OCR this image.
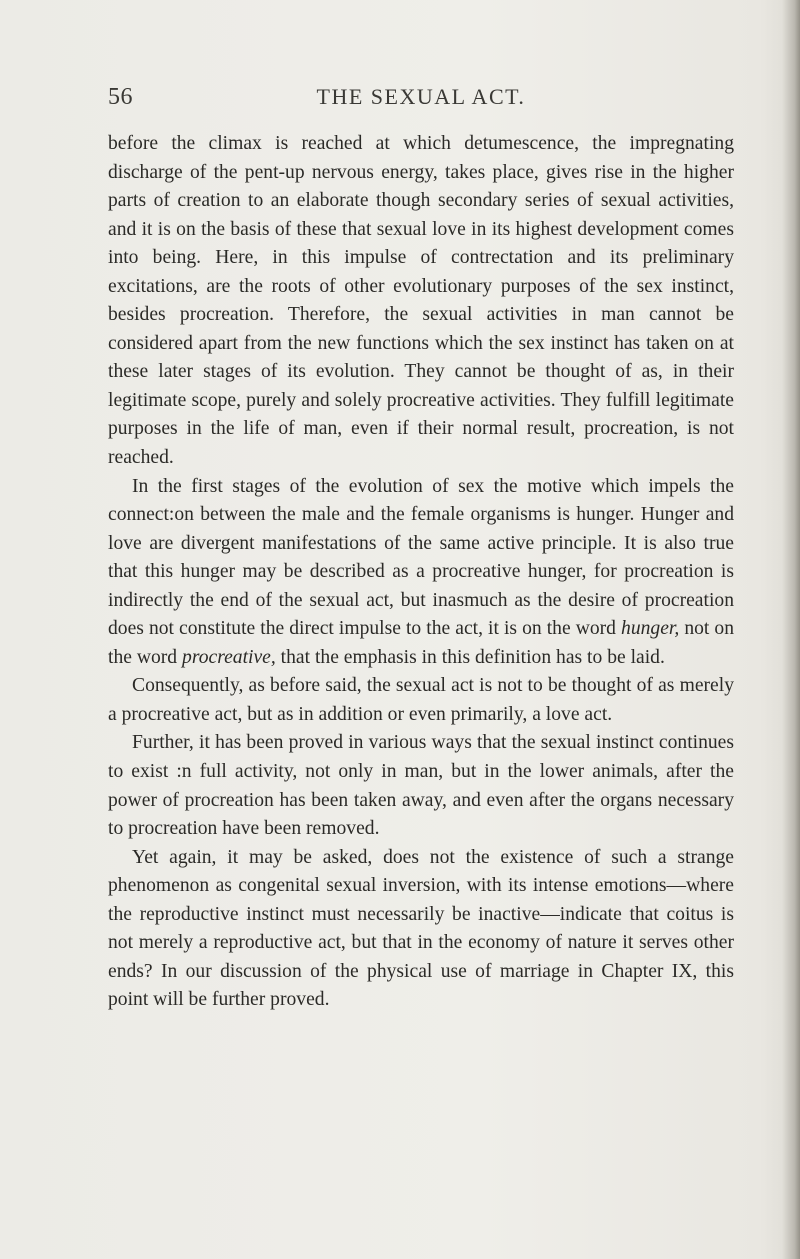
THE SEXUAL ACT.
56

before the climax is reached at which detumescence, the impregnating discharge of the pent-up nervous energy, takes place, gives rise in the higher parts of creation to an elaborate though secondary series of sexual activities, and it is on the basis of these that sexual love in its highest development comes into being. Here, in this impulse of contrectation and its preliminary excitations, are the roots of other evolutionary purposes of the sex instinct, besides procreation. Therefore, the sexual activities in man cannot be considered apart from the new functions which the sex instinct has taken on at these later stages of its evolution. They cannot be thought of as, in their legitimate scope, purely and solely procreative activities. They fulfill legitimate purposes in the life of man, even if their normal result, procreation, is not reached.

In the first stages of the evolution of sex the motive which impels the connect:on between the male and the female organisms is hunger. Hunger and love are divergent manifestations of the same active principle. It is also true that this hunger may be described as a procreative hunger, for procreation is indirectly the end of the sexual act, but inasmuch as the desire of procreation does not constitute the direct impulse to the act, it is on the word hunger, not on the word procreative, that the emphasis in this definition has to be laid.

Consequently, as before said, the sexual act is not to be thought of as merely a procreative act, but as in addition or even primarily, a love act.

Further, it has been proved in various ways that the sexual instinct continues to exist :n full activity, not only in man, but in the lower animals, after the power of procreation has been taken away, and even after the organs necessary to procreation have been removed.

Yet again, it may be asked, does not the existence of such a strange phenomenon as congenital sexual inversion, with its intense emotions—where the reproductive instinct must necessarily be inactive—indicate that coitus is not merely a reproductive act, but that in the economy of nature it serves other ends? In our discussion of the physical use of marriage in Chapter IX, this point will be further proved.
